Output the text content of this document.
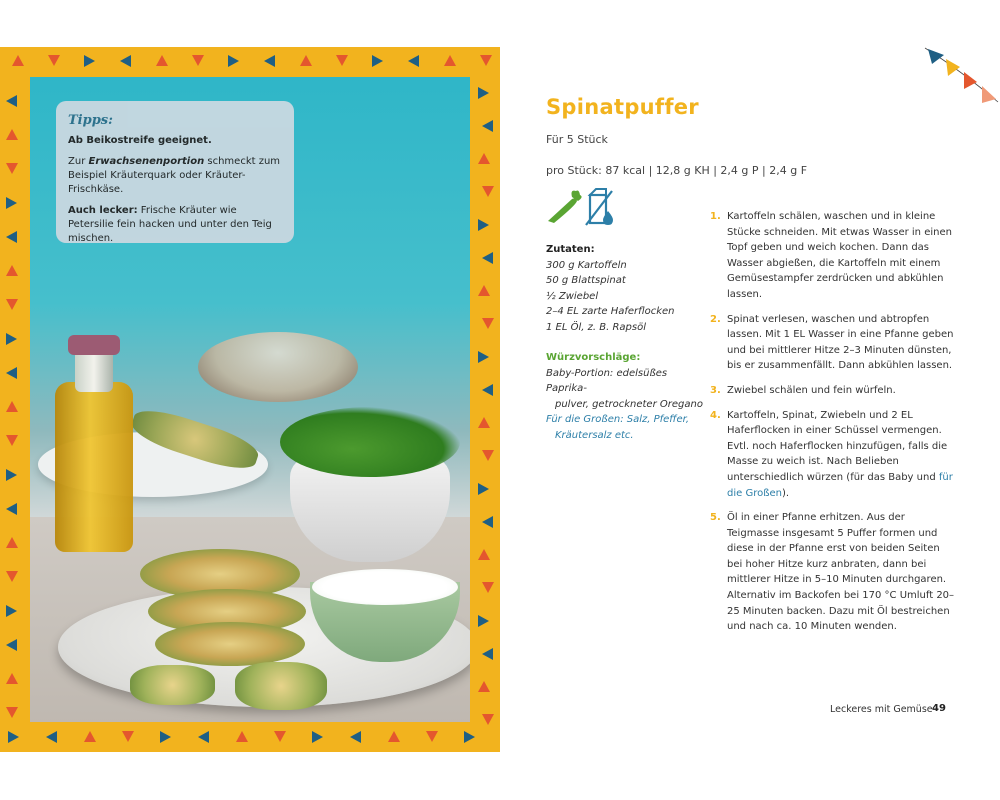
Tipps:

Ab Beikostreife geeignet.

Zur Erwachsenenportion schmeckt zum Beispiel Kräuterquark oder Kräuter-Frischkäse.

Auch lecker: Frische Kräuter wie Petersilie fein hacken und unter den Teig mischen.

Spinatpuffer
Für 5 Stück
pro Stück: 87 kcal | 12,8 g KH | 2,4 g P | 2,4 g F
Zutaten:
300 g Kartoffeln
50 g Blattspinat
½ Zwiebel
2–4 EL zarte Haferflocken
1 EL Öl, z. B. Rapsöl
Würzvorschläge:
Baby-Portion: edelsüßes Paprika-
pulver, getrockneter Oregano
Für die Großen: Salz, Pfeffer,
Kräutersalz etc.
1. Kartoffeln schälen, waschen und in kleine Stücke schneiden. Mit etwas Wasser in einen Topf geben und weich kochen. Dann das Wasser abgießen, die Kartoffeln mit einem Gemüsestampfer zerdrücken und abkühlen lassen.
2. Spinat verlesen, waschen und abtropfen lassen. Mit 1 EL Wasser in eine Pfanne geben und bei mittlerer Hitze 2–3 Minuten dünsten, bis er zusammenfällt. Dann abkühlen lassen.
3. Zwiebel schälen und fein würfeln.
4. Kartoffeln, Spinat, Zwiebeln und 2 EL Haferflocken in einer Schüssel vermengen. Evtl. noch Haferflocken hinzufügen, falls die Masse zu weich ist. Nach Belieben unterschiedlich würzen (für das Baby und für die Großen).
5. Öl in einer Pfanne erhitzen. Aus der Teigmasse insgesamt 5 Puffer formen und diese in der Pfanne erst von beiden Seiten bei hoher Hitze kurz anbraten, dann bei mittlerer Hitze in 5–10 Minuten durchgaren. Alternativ im Backofen bei 170 °C Umluft 20–25 Minuten backen. Dazu mit Öl bestreichen und nach ca. 10 Minuten wenden.
Leckeres mit Gemüse 49
